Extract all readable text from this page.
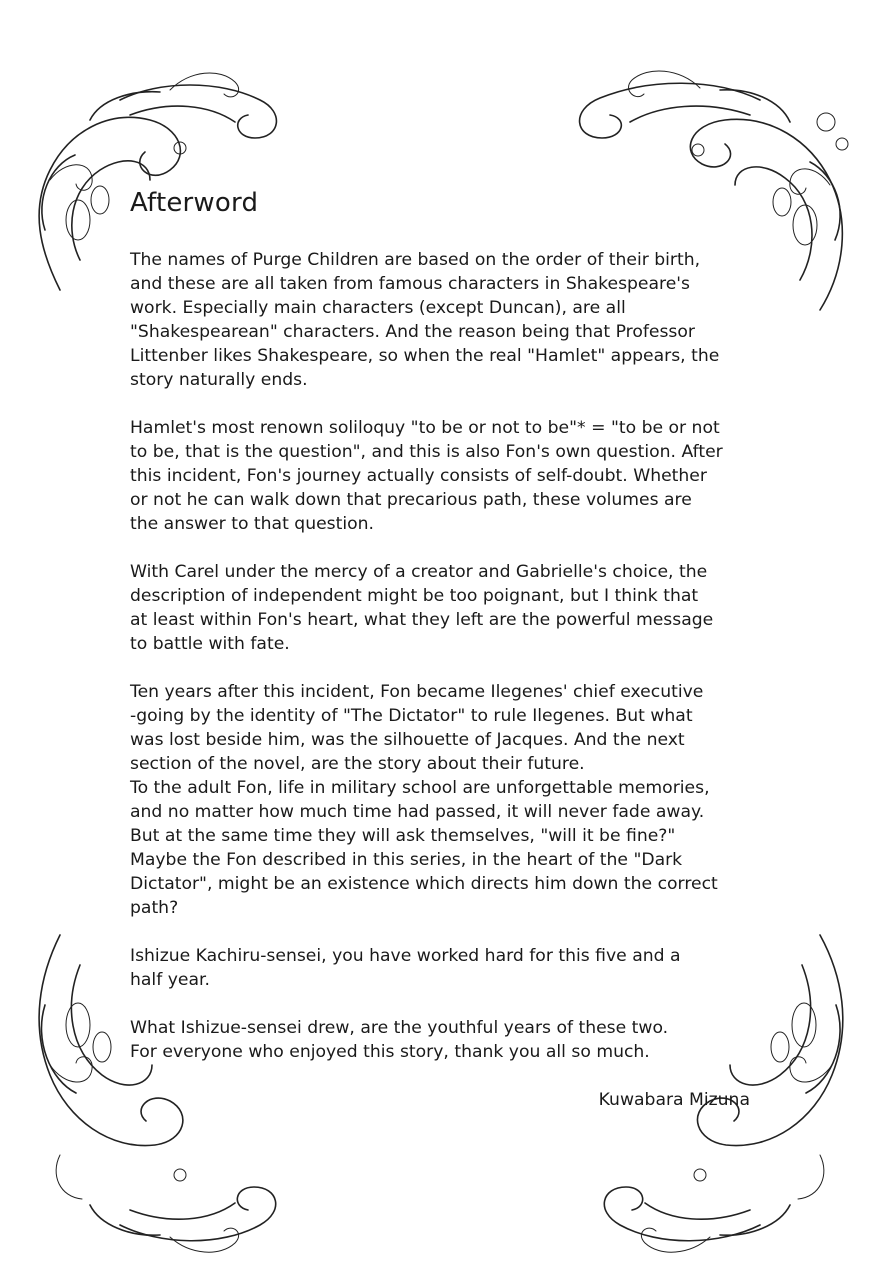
Afterword

The names of Purge Children are based on the order of their birth,
and these are all taken from famous characters in Shakespeare's
work. Especially main characters (except Duncan), are all
"Shakespearean" characters. And the reason being that Professor
Littenber likes Shakespeare, so when the real "Hamlet" appears, the
story naturally ends.

Hamlet's most renown soliloquy "to be or not to be"* = "to be or not
to be, that is the question", and this is also Fon's own question. After
this incident, Fon's journey actually consists of self-doubt. Whether
or not he can walk down that precarious path, these volumes are
the answer to that question.

With Carel under the mercy of a creator and Gabrielle's choice, the
description of independent might be too poignant, but I think that
at least within Fon's heart, what they left are the powerful message
to battle with fate.

Ten years after this incident, Fon became Ilegenes' chief executive
-going by the identity of "The Dictator" to rule Ilegenes. But what
was lost beside him, was the silhouette of Jacques. And the next
section of the novel, are the story about their future.
To the adult Fon, life in military school are unforgettable memories,
and no matter how much time had passed, it will never fade away.
But at the same time they will ask themselves, "will it be fine?"
Maybe the Fon described in this series, in the heart of the "Dark
Dictator", might be an existence which directs him down the correct
path?

Ishizue Kachiru-sensei, you have worked hard for this five and a
half year.

What Ishizue-sensei drew, are the youthful years of these two.
For everyone who enjoyed this story, thank you all so much.

Kuwabara Mizuna
